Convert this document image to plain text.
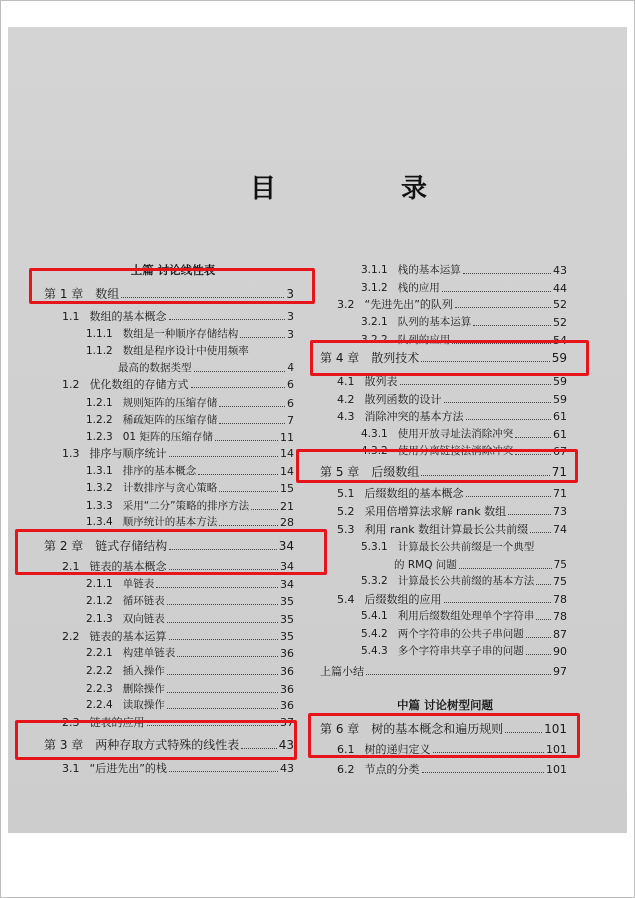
目 录
上篇 讨论线性表
第 1 章	数组	3
1.1 数组的基本概念	3
1.1.1 数组是一种顺序存储结构	3
1.1.2 数组是程序设计中使用频率
最高的数据类型	4
1.2 优化数组的存储方式	6
1.2.1 规则矩阵的压缩存储	6
1.2.2 稀疏矩阵的压缩存储	7
1.2.3 01 矩阵的压缩存储	11
1.3 排序与顺序统计	14
1.3.1 排序的基本概念	14
1.3.2 计数排序与贪心策略	15
1.3.3 采用“二分”策略的排序方法	21
1.3.4 顺序统计的基本方法	28
第 2 章	链式存储结构	34
2.1 链表的基本概念	34
2.1.1 单链表	34
2.1.2 循环链表	35
2.1.3 双向链表	35
2.2 链表的基本运算	35
2.2.1 构建单链表	36
2.2.2 插入操作	36
2.2.3 删除操作	36
2.2.4 读取操作	36
2.3 链表的应用	37
第 3 章	两种存取方式特殊的线性表	43
3.1 “后进先出”的栈	43
3.1.1 栈的基本运算	43
3.1.2 栈的应用	44
3.2 “先进先出”的队列	52
3.2.1 队列的基本运算	52
3.2.2 队列的应用	54
第 4 章	散列技术	59
4.1 散列表	59
4.2 散列函数的设计	59
4.3 消除冲突的基本方法	61
4.3.1 使用开放寻址法消除冲突	61
4.3.2 使用分离链接法消除冲突	67
第 5 章	后缀数组	71
5.1 后缀数组的基本概念	71
5.2 采用倍增算法求解 rank 数组	73
5.3 利用 rank 数组计算最长公共前缀 74
5.3.1 计算最长公共前缀是一个典型
的 RMQ 问题	75
5.3.2 计算最长公共前缀的基本方法 75
5.4 后缀数组的应用	78
5.4.1 利用后缀数组处理单个字符串 78
5.4.2 两个字符串的公共子串问题	87
5.4.3 多个字符串共享子串的问题	90
上篇小结	97
第 6 章	树的基本概念和遍历规则	101
6.1 树的递归定义	101
6.2 节点的分类	101
中篇 讨论树型问题
